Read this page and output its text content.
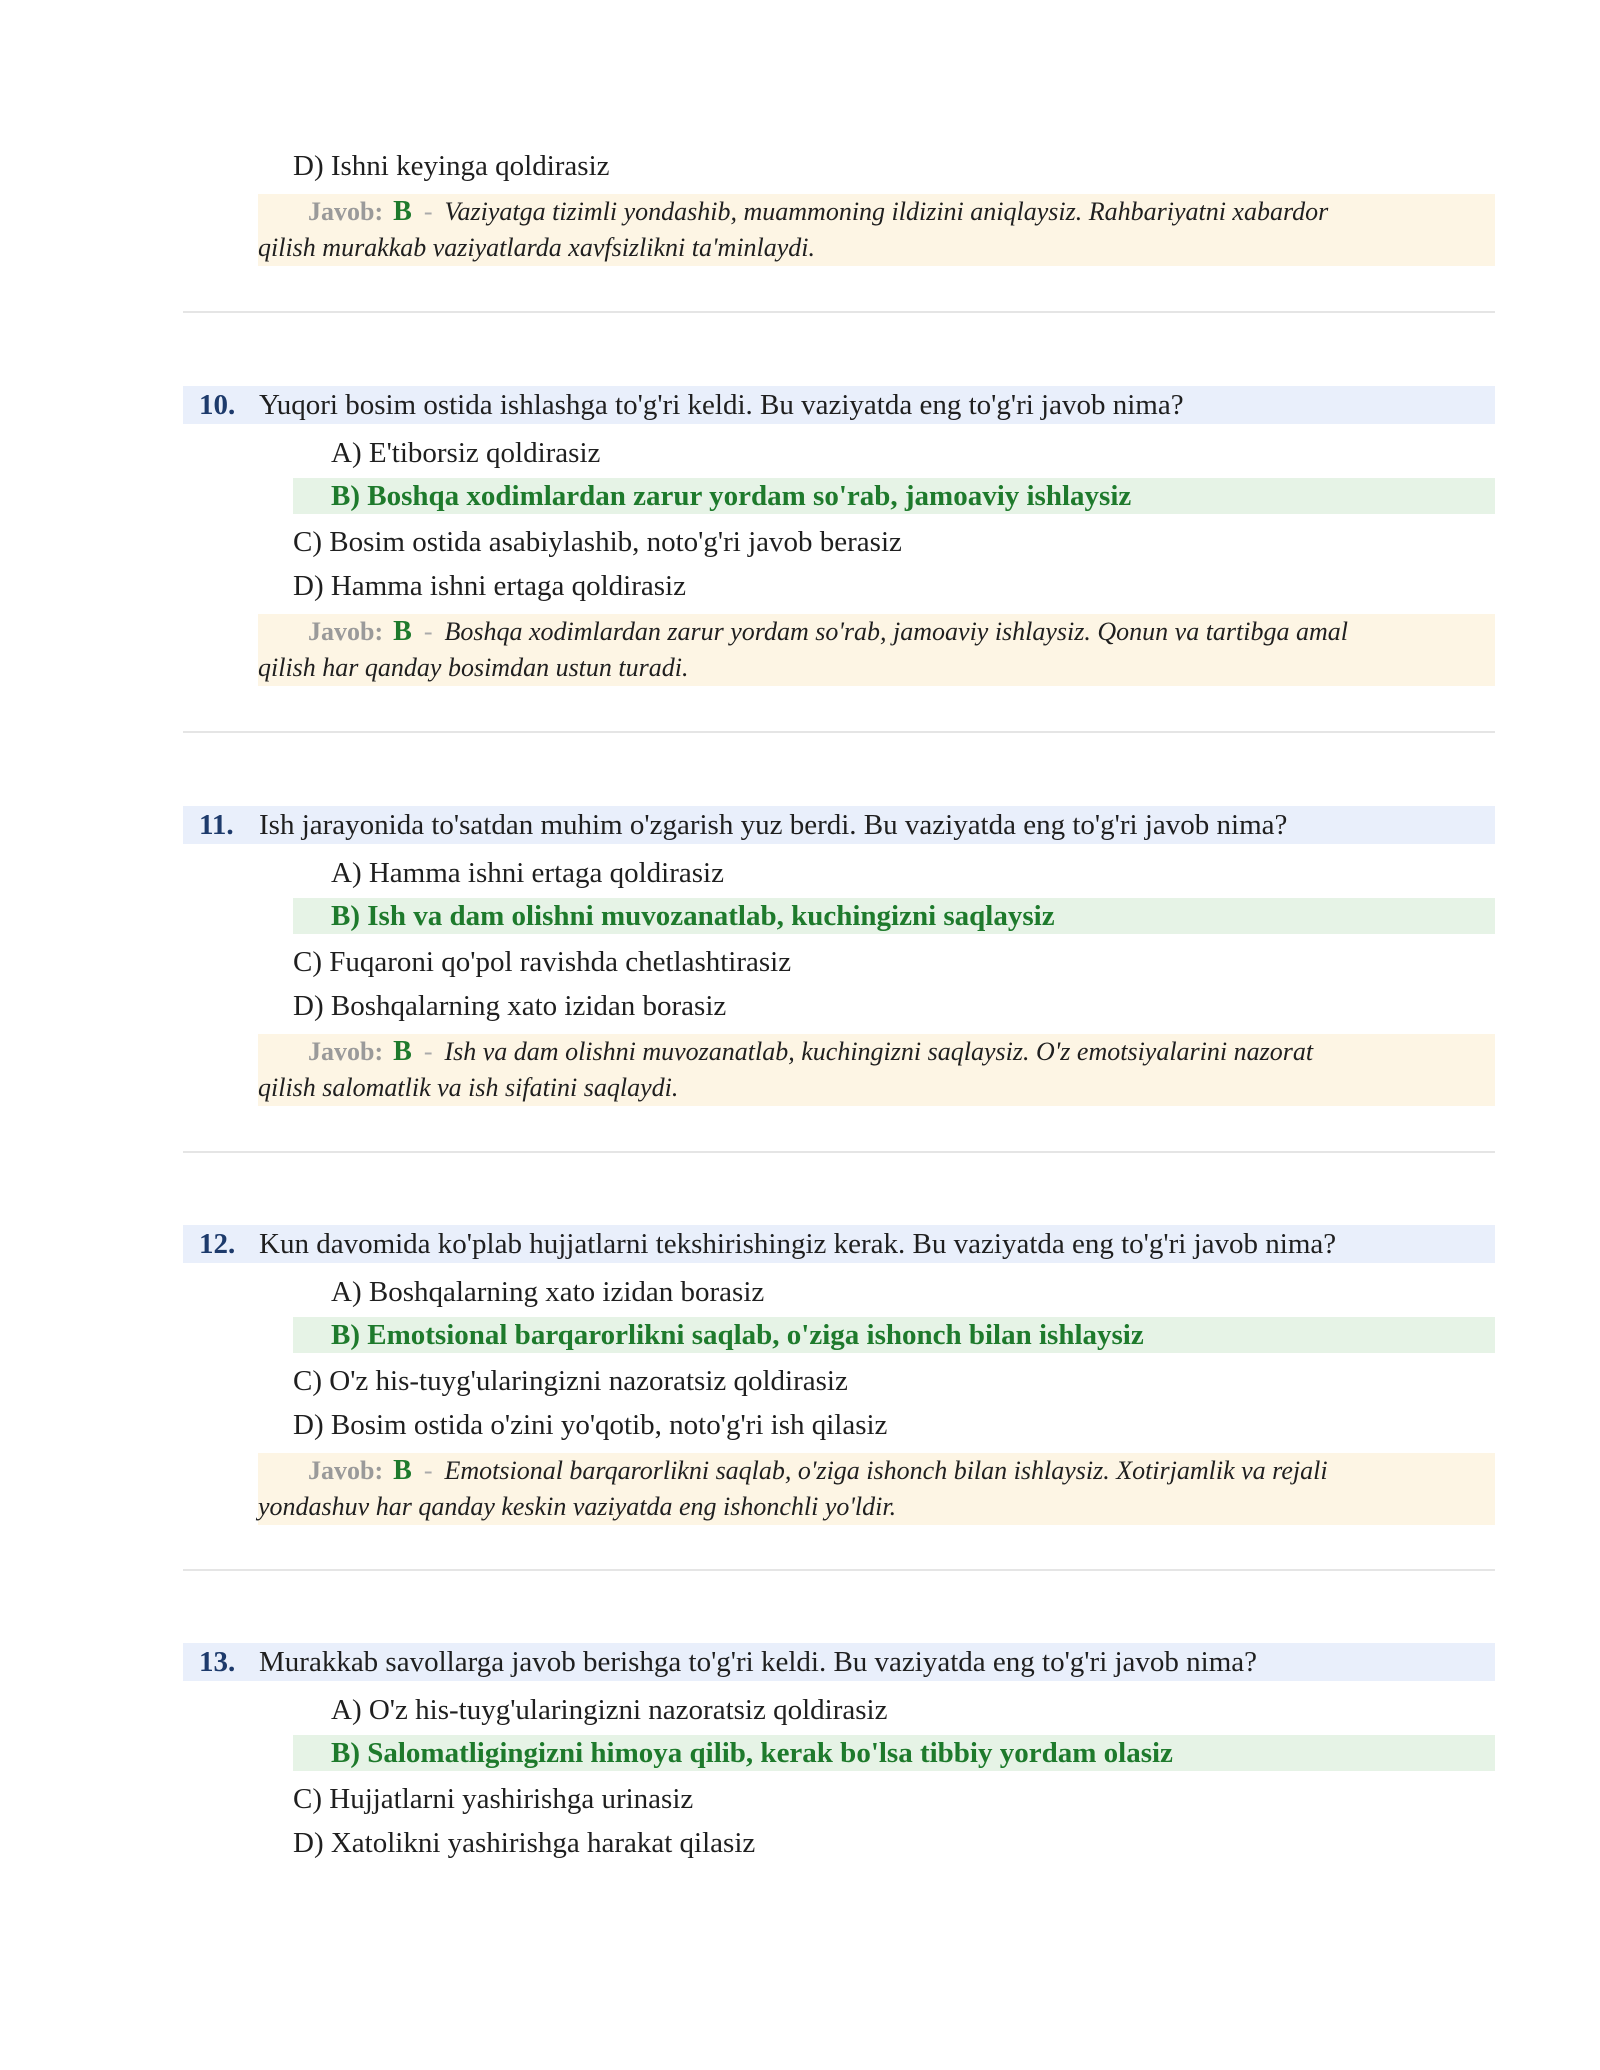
D) Ishni keyinga qoldirasiz
Javob: B - Vaziyatga tizimli yondashib, muammoning ildizini aniqlaysiz. Rahbariyatni xabardor
qilish murakkab vaziyatlarda xavfsizlikni ta'minlaydi.
10. Yuqori bosim ostida ishlashga to'g'ri keldi. Bu vaziyatda eng to'g'ri javob nima?
A) E'tiborsiz qoldirasiz
B) Boshqa xodimlardan zarur yordam so'rab, jamoaviy ishlaysiz
C) Bosim ostida asabiylashib, noto'g'ri javob berasiz
D) Hamma ishni ertaga qoldirasiz
Javob: B - Boshqa xodimlardan zarur yordam so'rab, jamoaviy ishlaysiz. Qonun va tartibga amal
qilish har qanday bosimdan ustun turadi.
11. Ish jarayonida to'satdan muhim o'zgarish yuz berdi. Bu vaziyatda eng to'g'ri javob nima?
A) Hamma ishni ertaga qoldirasiz
B) Ish va dam olishni muvozanatlab, kuchingizni saqlaysiz
C) Fuqaroni qo'pol ravishda chetlashtirasiz
D) Boshqalarning xato izidan borasiz
Javob: B - Ish va dam olishni muvozanatlab, kuchingizni saqlaysiz. O'z emotsiyalarini nazorat
qilish salomatlik va ish sifatini saqlaydi.
12. Kun davomida ko'plab hujjatlarni tekshirishingiz kerak. Bu vaziyatda eng to'g'ri javob nima?
A) Boshqalarning xato izidan borasiz
B) Emotsional barqarorlikni saqlab, o'ziga ishonch bilan ishlaysiz
C) O'z his-tuyg'ularingizni nazoratsiz qoldirasiz
D) Bosim ostida o'zini yo'qotib, noto'g'ri ish qilasiz
Javob: B - Emotsional barqarorlikni saqlab, o'ziga ishonch bilan ishlaysiz. Xotirjamlik va rejali
yondashuv har qanday keskin vaziyatda eng ishonchli yo'ldir.
13. Murakkab savollarga javob berishga to'g'ri keldi. Bu vaziyatda eng to'g'ri javob nima?
A) O'z his-tuyg'ularingizni nazoratsiz qoldirasiz
B) Salomatligingizni himoya qilib, kerak bo'lsa tibbiy yordam olasiz
C) Hujjatlarni yashirishga urinasiz
D) Xatolikni yashirishga harakat qilasiz
